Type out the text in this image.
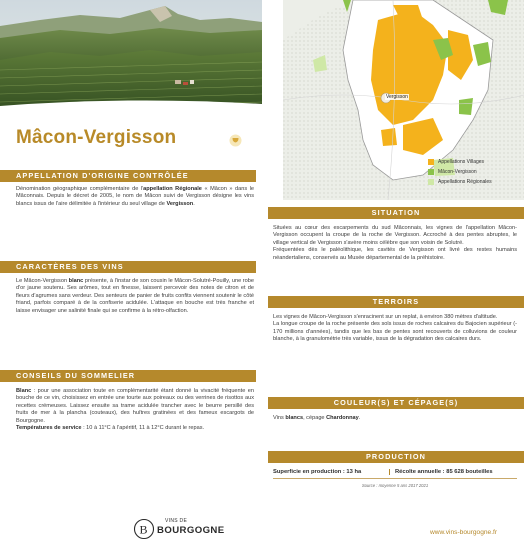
Mâcon-Vergisson
APPELLATION D'ORIGINE CONTRÔLÉE
Dénomination géographique complémentaire de l'appellation Régionale « Mâcon » dans le Mâconnais. Depuis le décret de 2005, le nom de Mâcon suivi de Vergisson désigne les vins blancs issus de l'aire délimitée à l'intérieur du seul village de Vergisson.
CARACTÈRES DES VINS
Le Mâcon-Vergisson blanc présente, à l'instar de son cousin le Mâcon-Solutré-Pouilly, une robe d'or jaune soutenu. Ses arômes, tout en finesse, laissent percevoir des notes de citron et de fleurs d'agrumes sans verdeur. Des senteurs de panier de fruits confits viennent soutenir le côté friand, parfois comparé à de la confiserie acidulée. L'attaque en bouche est très franche et laisse envisager une salinité finale qui se confirme à la rétro-olfaction.
CONSEILS DU SOMMELIER
Blanc : pour une association toute en complémentarité étant donné la vivacité fréquente en bouche de ce vin, choisissez en entrée une tourte aux poireaux ou des verrines de risottos aux recettes crémeuses. Laissez ensuite sa trame acidulée trancher avec le beurre persillé des fruits de mer à la plancha (couteaux), des huîtres gratinées et des fameux escargots de Bourgogne.
Températures de service : 10 à 11°C à l'apéritif, 11 à 12°C durant le repas.
Vergisson
Appellations Villages
Mâcon-Vergisson
Appellations Régionales
SITUATION
Situées au cœur des escarpements du sud Mâconnais, les vignes de l'appellation Mâcon-Vergisson occupent la croupe de la roche de Vergisson. Accroché à des pentes abruptes, le village vertical de Vergisson s'avère moins célèbre que son voisin de Solutré.
Fréquentées dès le paléolithique, les cavités de Vergisson ont livré des restes humains néandertaliens, conservés au Musée départemental de la préhistoire.
TERROIRS
Les vignes de Mâcon-Vergisson s'enracinent sur un replat, à environ 380 mètres d'altitude.
La longue croupe de la roche présente des sols issus de roches calcaires du Bajocien supérieur (- 170 millions d'années), tandis que les bas de pentes sont recouverts de colluvions de couleur blanche, à la granulométrie très variable, issus de la dégradation des calcaires durs.
COULEUR(S) ET CÉPAGE(S)
Vins blancs, cépage Chardonnay.
PRODUCTION
Superficie en production : 13 ha	Récolte annuelle : 85 628 bouteilles
Source : moyenne 5 ans 2017 2021
B
VINS DE
BOURGOGNE	www.vins-bourgogne.fr
